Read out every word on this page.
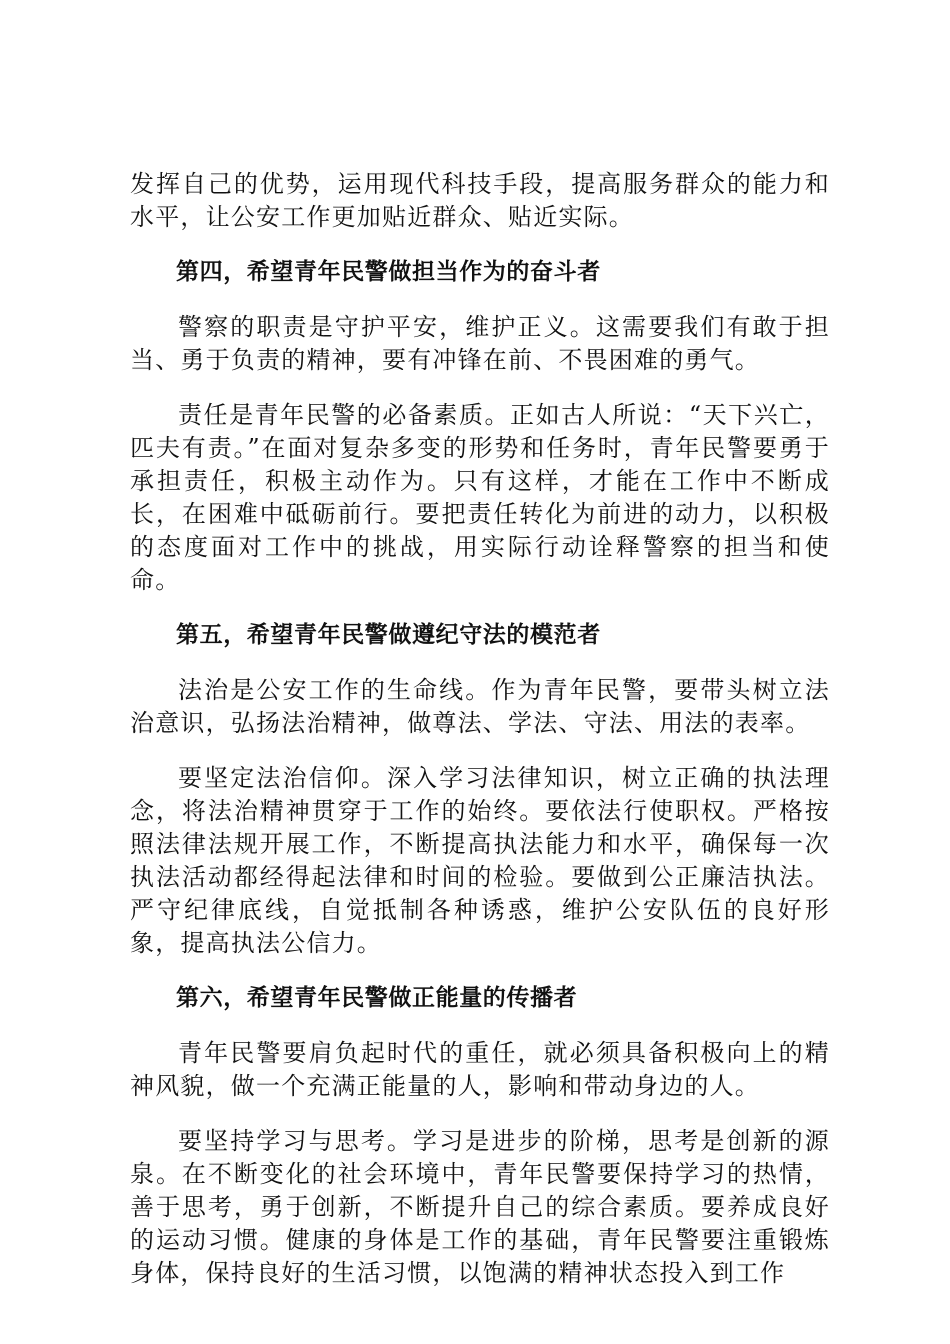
发挥自己的优势，运用现代科技手段，提高服务群众的能力和水平，让公安工作更加贴近群众、贴近实际。

第四，希望青年民警做担当作为的奋斗者

警察的职责是守护平安，维护正义。这需要我们有敢于担当、勇于负责的精神，要有冲锋在前、不畏困难的勇气。

责任是青年民警的必备素质。正如古人所说：“天下兴亡，匹夫有责。”在面对复杂多变的形势和任务时，青年民警要勇于承担责任，积极主动作为。只有这样，才能在工作中不断成长，在困难中砥砺前行。要把责任转化为前进的动力，以积极的态度面对工作中的挑战，用实际行动诠释警察的担当和使命。

第五，希望青年民警做遵纪守法的模范者

法治是公安工作的生命线。作为青年民警，要带头树立法治意识，弘扬法治精神，做尊法、学法、守法、用法的表率。

要坚定法治信仰。深入学习法律知识，树立正确的执法理念，将法治精神贯穿于工作的始终。要依法行使职权。严格按照法律法规开展工作，不断提高执法能力和水平，确保每一次执法活动都经得起法律和时间的检验。要做到公正廉洁执法。严守纪律底线，自觉抵制各种诱惑，维护公安队伍的良好形象，提高执法公信力。

第六，希望青年民警做正能量的传播者

青年民警要肩负起时代的重任，就必须具备积极向上的精神风貌，做一个充满正能量的人，影响和带动身边的人。

要坚持学习与思考。学习是进步的阶梯，思考是创新的源泉。在不断变化的社会环境中，青年民警要保持学习的热情，善于思考，勇于创新，不断提升自己的综合素质。要养成良好的运动习惯。健康的身体是工作的基础，青年民警要注重锻炼身体，保持良好的生活习惯，以饱满的精神状态投入到工作
